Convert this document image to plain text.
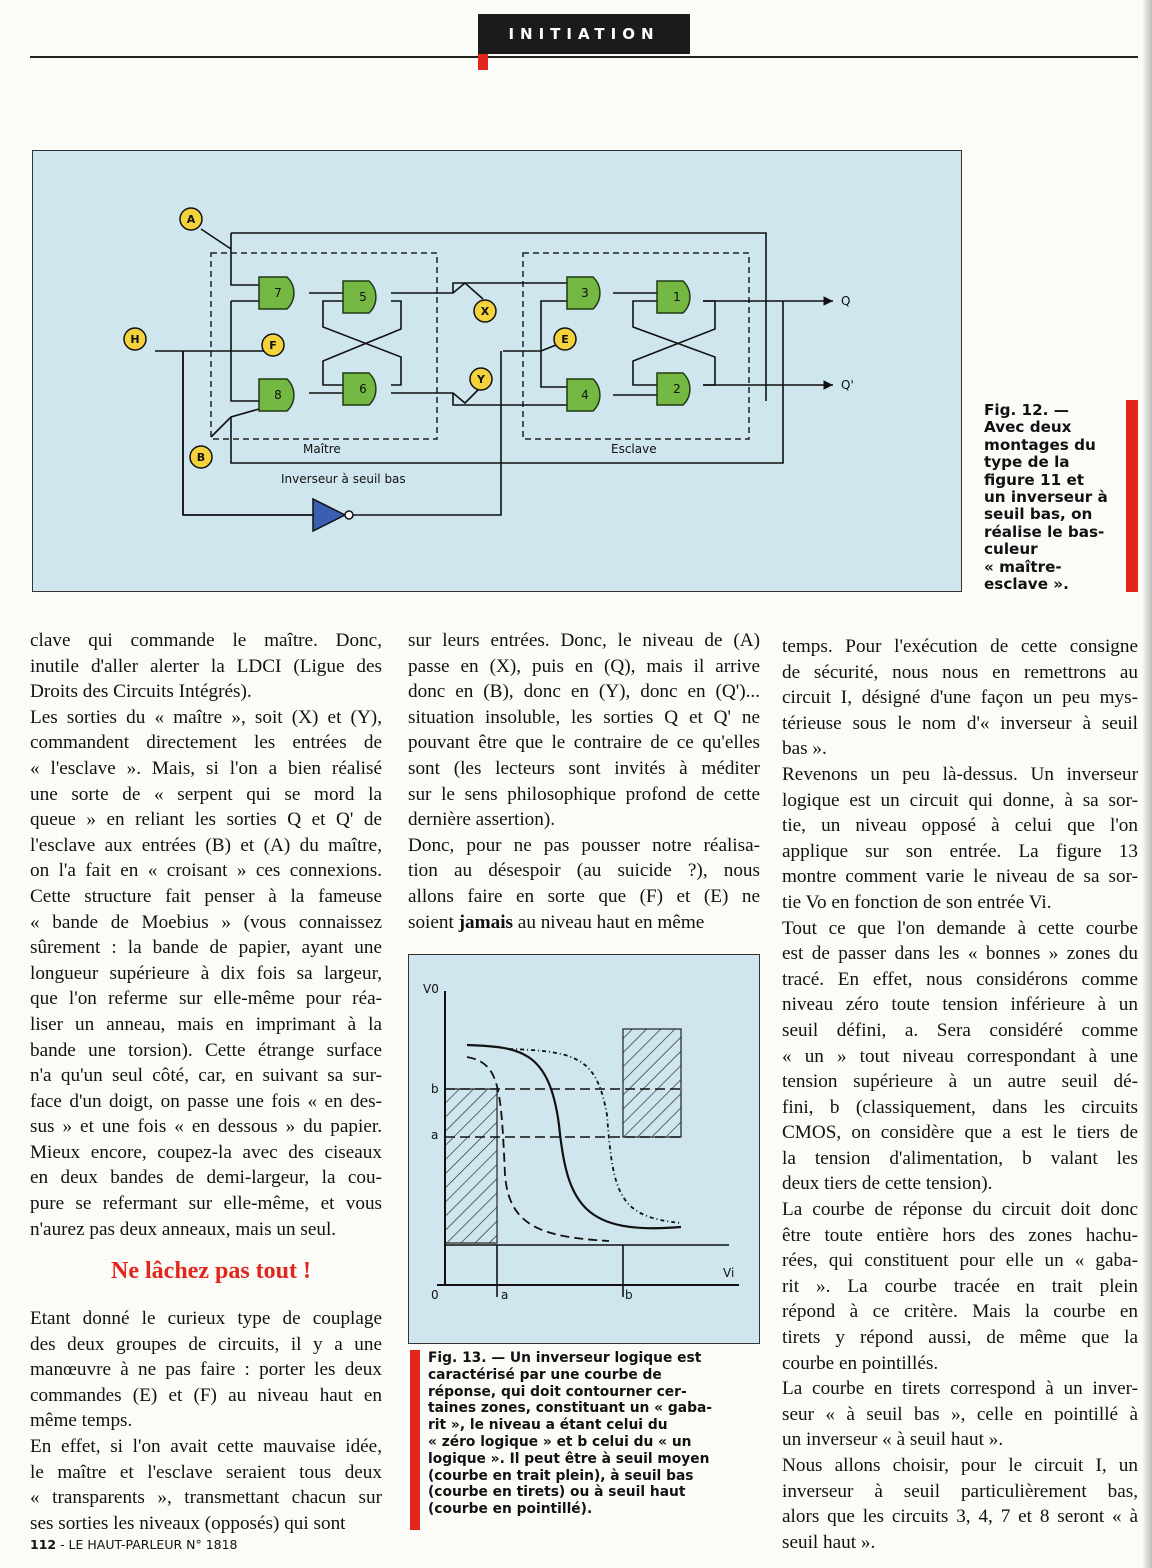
INITIATION
7	5
8	6
3	1
4	2
A
H	F
B
X
Y
E
Q
Q'
Maître	Esclave
Inverseur à seuil bas
Fig. 12. —
Avec deux
montages du
type de la
figure 11 et
un inverseur à
seuil bas, on
réalise le bas-
culeur
« maître-
esclave ».
clave qui commande le maître. Donc,
inutile d'aller alerter la LDCI (Ligue des
Droits des Circuits Intégrés).
Les sorties du « maître », soit (X) et (Y),
commandent directement les entrées de
« l'esclave ». Mais, si l'on a bien réalisé
une sorte de « serpent qui se mord la
queue » en reliant les sorties Q et Q' de
l'esclave aux entrées (B) et (A) du maître,
on l'a fait en « croisant » ces connexions.
Cette structure fait penser à la fameuse
« bande de Moebius » (vous connaissez
sûrement : la bande de papier, ayant une
longueur supérieure à dix fois sa largeur,
que l'on referme sur elle-même pour réa-
liser un anneau, mais en imprimant à la
bande une torsion). Cette étrange surface
n'a qu'un seul côté, car, en suivant sa sur-
face d'un doigt, on passe une fois « en des-
sus » et une fois « en dessous » du papier.
Mieux encore, coupez-la avec des ciseaux
en deux bandes de demi-largeur, la cou-
pure se refermant sur elle-même, et vous
n'aurez pas deux anneaux, mais un seul.
Ne lâchez pas tout !
Etant donné le curieux type de couplage
des deux groupes de circuits, il y a une
manœuvre à ne pas faire : porter les deux
commandes (E) et (F) au niveau haut en
même temps.
En effet, si l'on avait cette mauvaise idée,
le maître et l'esclave seraient tous deux
« transparents », transmettant chacun sur
ses sorties les niveaux (opposés) qui sont
sur leurs entrées. Donc, le niveau de (A)
passe en (X), puis en (Q), mais il arrive
donc en (B), donc en (Y), donc en (Q')...
situation insoluble, les sorties Q et Q' ne
pouvant être que le contraire de ce qu'elles
sont (les lecteurs sont invités à méditer
sur le sens philosophique profond de cette
dernière assertion).
Donc, pour ne pas pousser notre réalisa-
tion au désespoir (au suicide ?), nous
allons faire en sorte que (F) et (E) ne
soient jamais au niveau haut en même
V0
Vi
0	a	b
b
a
Fig. 13. — Un inverseur logique est
caractérisé par une courbe de
réponse, qui doit contourner cer-
taines zones, constituant un « gaba-
rit », le niveau a étant celui du
« zéro logique » et b celui du « un
logique ». Il peut être à seuil moyen
(courbe en trait plein), à seuil bas
(courbe en tirets) ou à seuil haut
(courbe en pointillé).
temps. Pour l'exécution de cette consigne
de sécurité, nous nous en remettrons au
circuit I, désigné d'une façon un peu mys-
térieuse sous le nom d'« inverseur à seuil
bas ».
Revenons un peu là-dessus. Un inverseur
logique est un circuit qui donne, à sa sor-
tie, un niveau opposé à celui que l'on
applique sur son entrée. La figure 13
montre comment varie le niveau de sa sor-
tie Vo en fonction de son entrée Vi.
Tout ce que l'on demande à cette courbe
est de passer dans les « bonnes » zones du
tracé. En effet, nous considérons comme
niveau zéro toute tension inférieure à un
seuil défini, a. Sera considéré comme
« un » tout niveau correspondant à une
tension supérieure à un autre seuil dé-
fini, b (classiquement, dans les circuits
CMOS, on considère que a est le tiers de
la tension d'alimentation, b valant les
deux tiers de cette tension).
La courbe de réponse du circuit doit donc
être toute entière hors des zones hachu-
rées, qui constituent pour elle un « gaba-
rit ». La courbe tracée en trait plein
répond à ce critère. Mais la courbe en
tirets y répond aussi, de même que la
courbe en pointillés.
La courbe en tirets correspond à un inver-
seur « à seuil bas », celle en pointillé à
un inverseur « à seuil haut ».
Nous allons choisir, pour le circuit I, un
inverseur à seuil particulièrement bas,
alors que les circuits 3, 4, 7 et 8 seront « à
seuil haut ».
112 - LE HAUT-PARLEUR N° 1818
